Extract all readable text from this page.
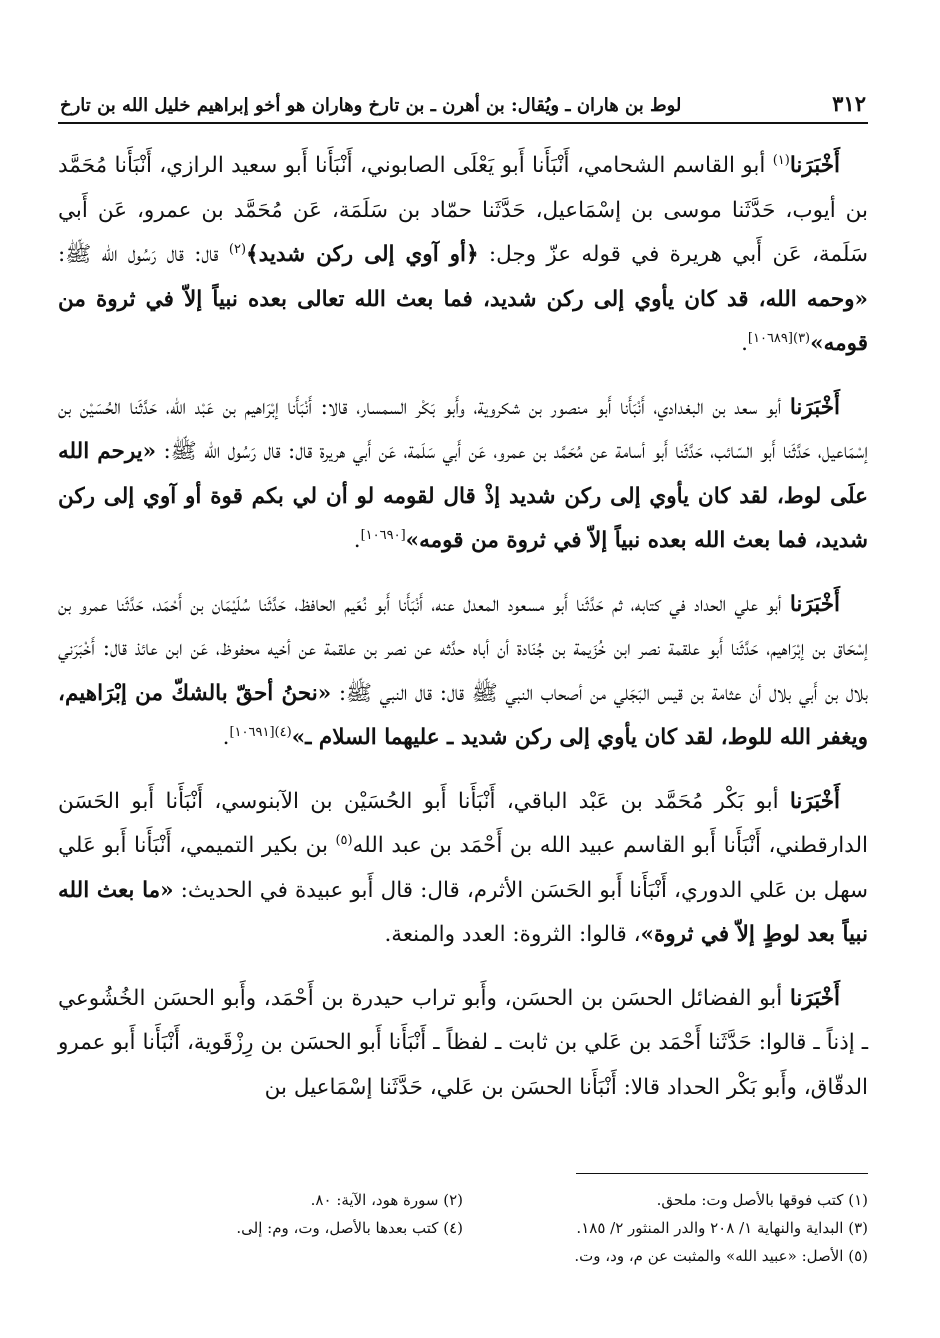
٣١٢
لوط بن هاران ـ ويُقال: بن أهرن ـ بن تارخ وهاران هو أخو إبراهيم خليل الله بن تارخ

أَخْبَرَنا$^{(١)}$ أبو القاسم الشحامي، أَنْبَأَنا أَبو يَعْلَى الصابوني، أَنْبَأَنا أَبو سعيد الرازي، أَنْبَأَنا مُحَمَّد بن أيوب، حَدَّثَنا موسى بن إسْمَاعيل، حَدَّثَنا حمّاد بن سَلَمَة، عَن مُحَمَّد بن عمرو، عَن أَبي سَلَمة، عَن أَبي هريرة في قوله عزّ وجل: ﴿أو آوي إلى ركن شديد﴾$^{(٢)}$ قال: قال رَسُول الله ﷺ: «وحمه الله، قد كان يأوي إلى ركن شديد، فما بعث الله تعالى بعده نبياً إلاّ في ثروة من قومه»$^{(٣)[١٠٦٨٩]}$.

أَخْبَرَنا أبو سعد بن البغدادي، أَنْبَأَنا أَبو منصور بن شكروية، وأَبو بَكْر السمسار، قالا: أَنْبَأَنا إبْرَاهيم بن عَبْد الله، حَدَّثَنا الحُسَيْن بن إسْمَاعيل، حَدَّثَنا أَبو السّائب، حَدَّثَنا أَبو أسامة عن مُحَمَّد بن عمرو، عَن أَبي سَلَمة، عَن أَبي هريرة قال: قال رَسُول الله ﷺ: «يرحم الله علَى لوط، لقد كان يأوي إلى ركن شديد إذْ قال لقومه لو أن لي بكم قوة أو آوي إلى ركن شديد، فما بعث الله بعده نبياً إلاّ في ثروة من قومه»[١٠٦٩٠].

أَخْبَرَنا أبو علي الحداد في كتابه، ثم حَدَّثَنا أَبو مسعود المعدل عنه، أَنْبَأَنا أَبو نُعَيم الحافظ، حَدَّثَنا سُلَيْمَان بن أَحْمَد، حَدَّثَنا عمرو بن إسْحَاق بن إبْرَاهيم، حَدَّثَنا أَبو علقمة نصر ابن خُزَيمة بن جُنَادة أن أباه حدَّثه عن نصر بن علقمة عن أخيه محفوظ، عَن ابن عائذ قال: أَخْبَرَني بلال بن أَبي بلال أن عثامة بن قيس البَجَلي من أصحاب النبي ﷺ قال: قال النبي ﷺ: «نحنُ أحقّ بالشكّ من إبْرَاهيم، ويغفر الله للوط، لقد كان يأوي إلى ركن شديد ـ عليهما السلام ـ»$^{(٤)[١٠٦٩١]}$.

أَخْبَرَنا أبو بَكْر مُحَمَّد بن عَبْد الباقي، أَنْبَأَنا أَبو الحُسَيْن بن الآبنوسي، أَنْبَأَنا أَبو الحَسَن الدارقطني، أَنْبَأَنا أَبو القاسم عبيد الله بن أَحْمَد بن عبد الله$^{(٥)}$ بن بكير التميمي، أَنْبَأَنا أَبو عَلي سهل بن عَلي الدوري، أَنْبَأَنا أَبو الحَسَن الأثرم، قال: قال أَبو عبيدة في الحديث: «ما بعث الله نبياً بعد لوطٍ إلاّ في ثروة»، قالوا: الثروة: العدد والمنعة.

أَخْبَرَنا أبو الفضائل الحسَن بن الحسَن، وأَبو تراب حيدرة بن أَحْمَد، وأَبو الحسَن الخُشُوعي ـ إذناً ـ قالوا: حَدَّثَنا أَحْمَد بن عَلي بن ثابت ـ لفظاً ـ أَنْبَأَنا أَبو الحسَن بن رِزْقَوية، أَنْبَأَنا أَبو عمرو الدقّاق، وأَبو بَكْر الحداد قالا: أَنْبَأَنا الحسَن بن عَلي، حَدَّثَنا إسْمَاعيل بن

(١) كتب فوقها بالأصل وت: ملحق.
(٢) سورة هود، الآية: ٨٠.
(٣) البداية والنهاية ١/ ٢٠٨ والدر المنثور ٢/ ١٨٥.
(٤) كتب بعدها بالأصل، وت، وم: إلى.
(٥) الأصل: «عبيد الله» والمثبت عن م، ود، وت.
